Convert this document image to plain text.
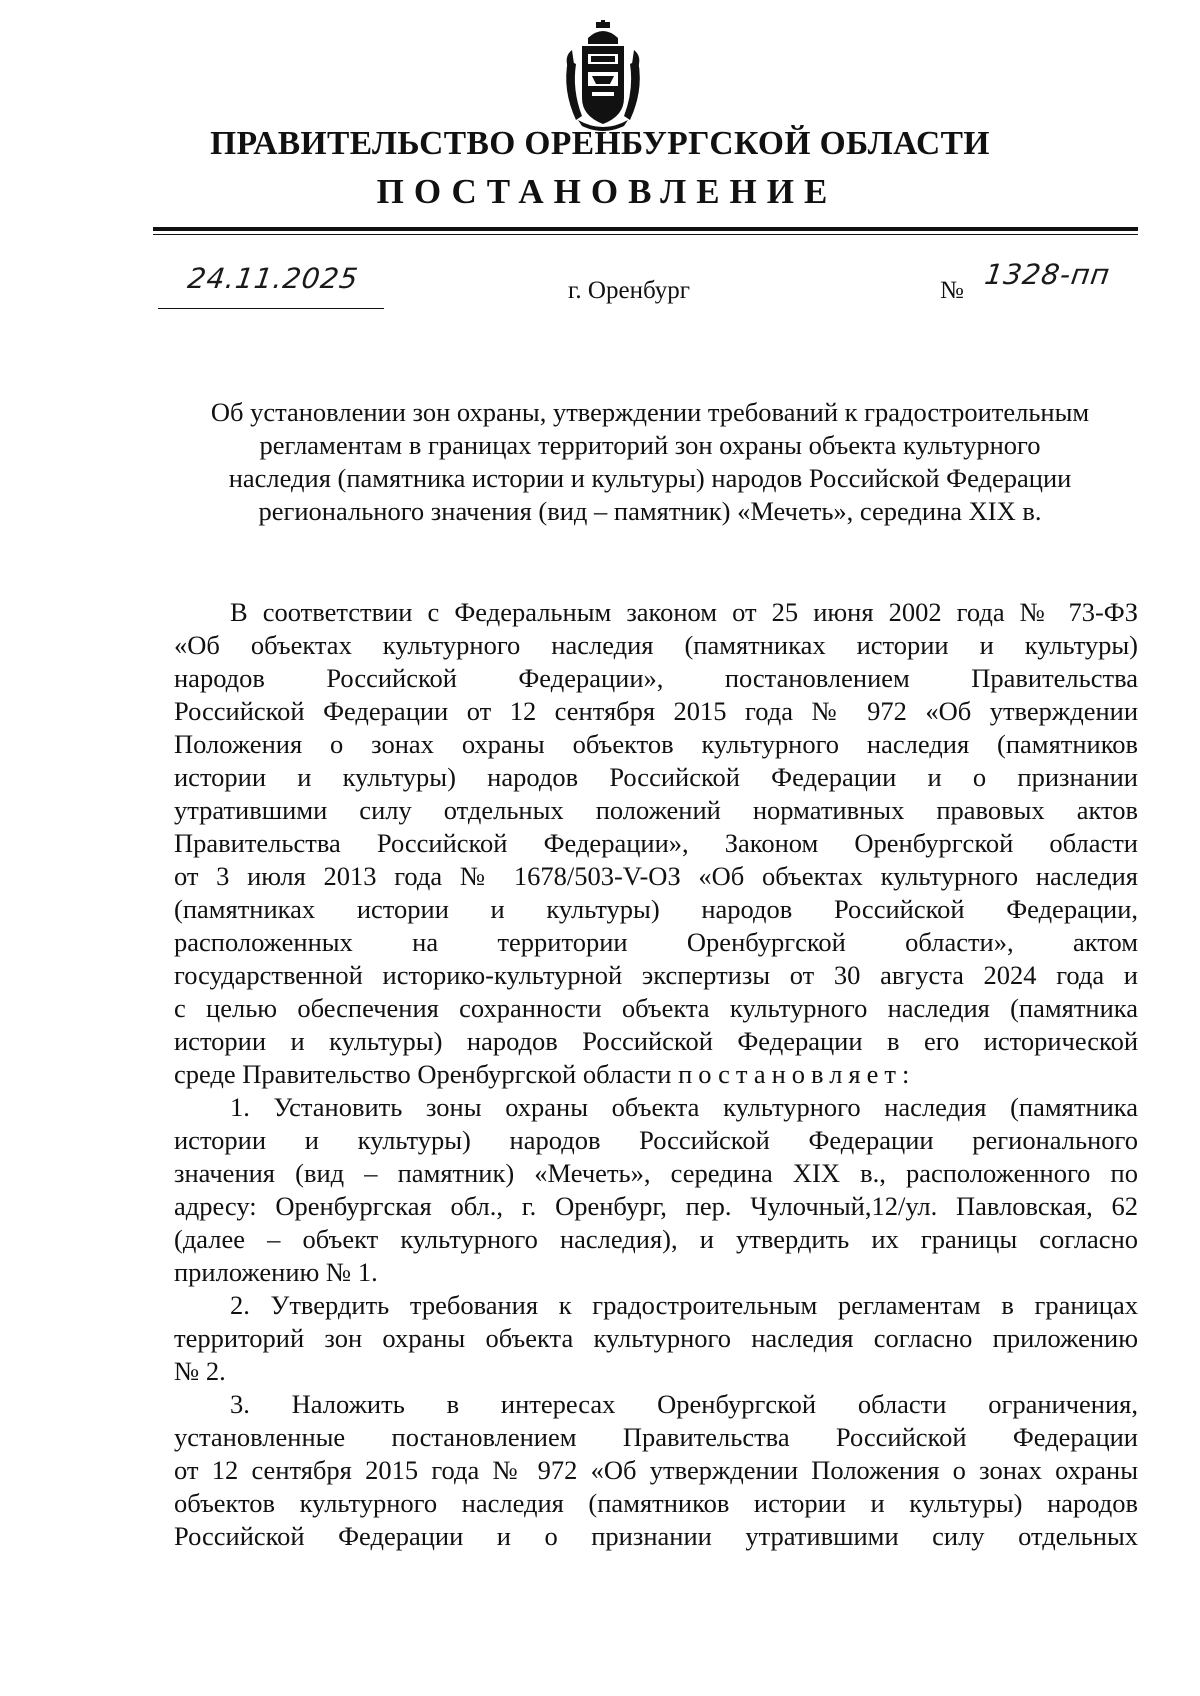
ПРАВИТЕЛЬСТВО ОРЕНБУРГСКОЙ ОБЛАСТИ
ПОСТАНОВЛЕНИЕ
24.11.2025	г. Оренбург	№ 1328-пп
Об установлении зон охраны, утверждении требований к градостроительным
регламентам в границах территорий зон охраны объекта культурного
наследия (памятника истории и культуры) народов Российской Федерации
регионального значения (вид – памятник) «Мечеть», середина XIX в.
В соответствии с Федеральным законом от 25 июня 2002 года № 73-ФЗ
«Об объектах культурного наследия (памятниках истории и культуры)
народов Российской Федерации», постановлением Правительства
Российской Федерации от 12 сентября 2015 года № 972 «Об утверждении
Положения о зонах охраны объектов культурного наследия (памятников
истории и культуры) народов Российской Федерации и о признании
утратившими силу отдельных положений нормативных правовых актов
Правительства Российской Федерации», Законом Оренбургской области
от 3 июля 2013 года № 1678/503-V-ОЗ «Об объектах культурного наследия
(памятниках истории и культуры) народов Российской Федерации,
расположенных на территории Оренбургской области», актом
государственной историко-культурной экспертизы от 30 августа 2024 года и
с целью обеспечения сохранности объекта культурного наследия (памятника
истории и культуры) народов Российской Федерации в его исторической
среде Правительство Оренбургской области постановляет:
1. Установить зоны охраны объекта культурного наследия (памятника
истории и культуры) народов Российской Федерации регионального
значения (вид – памятник) «Мечеть», середина XIX в., расположенного по
адресу: Оренбургская обл., г. Оренбург, пер. Чулочный,12/ул. Павловская, 62
(далее – объект культурного наследия), и утвердить их границы согласно
приложению № 1.
2. Утвердить требования к градостроительным регламентам в границах
территорий зон охраны объекта культурного наследия согласно приложению
№ 2.
3. Наложить в интересах Оренбургской области ограничения,
установленные постановлением Правительства Российской Федерации
от 12 сентября 2015 года № 972 «Об утверждении Положения о зонах охраны
объектов культурного наследия (памятников истории и культуры) народов
Российской Федерации и о признании утратившими силу отдельных
